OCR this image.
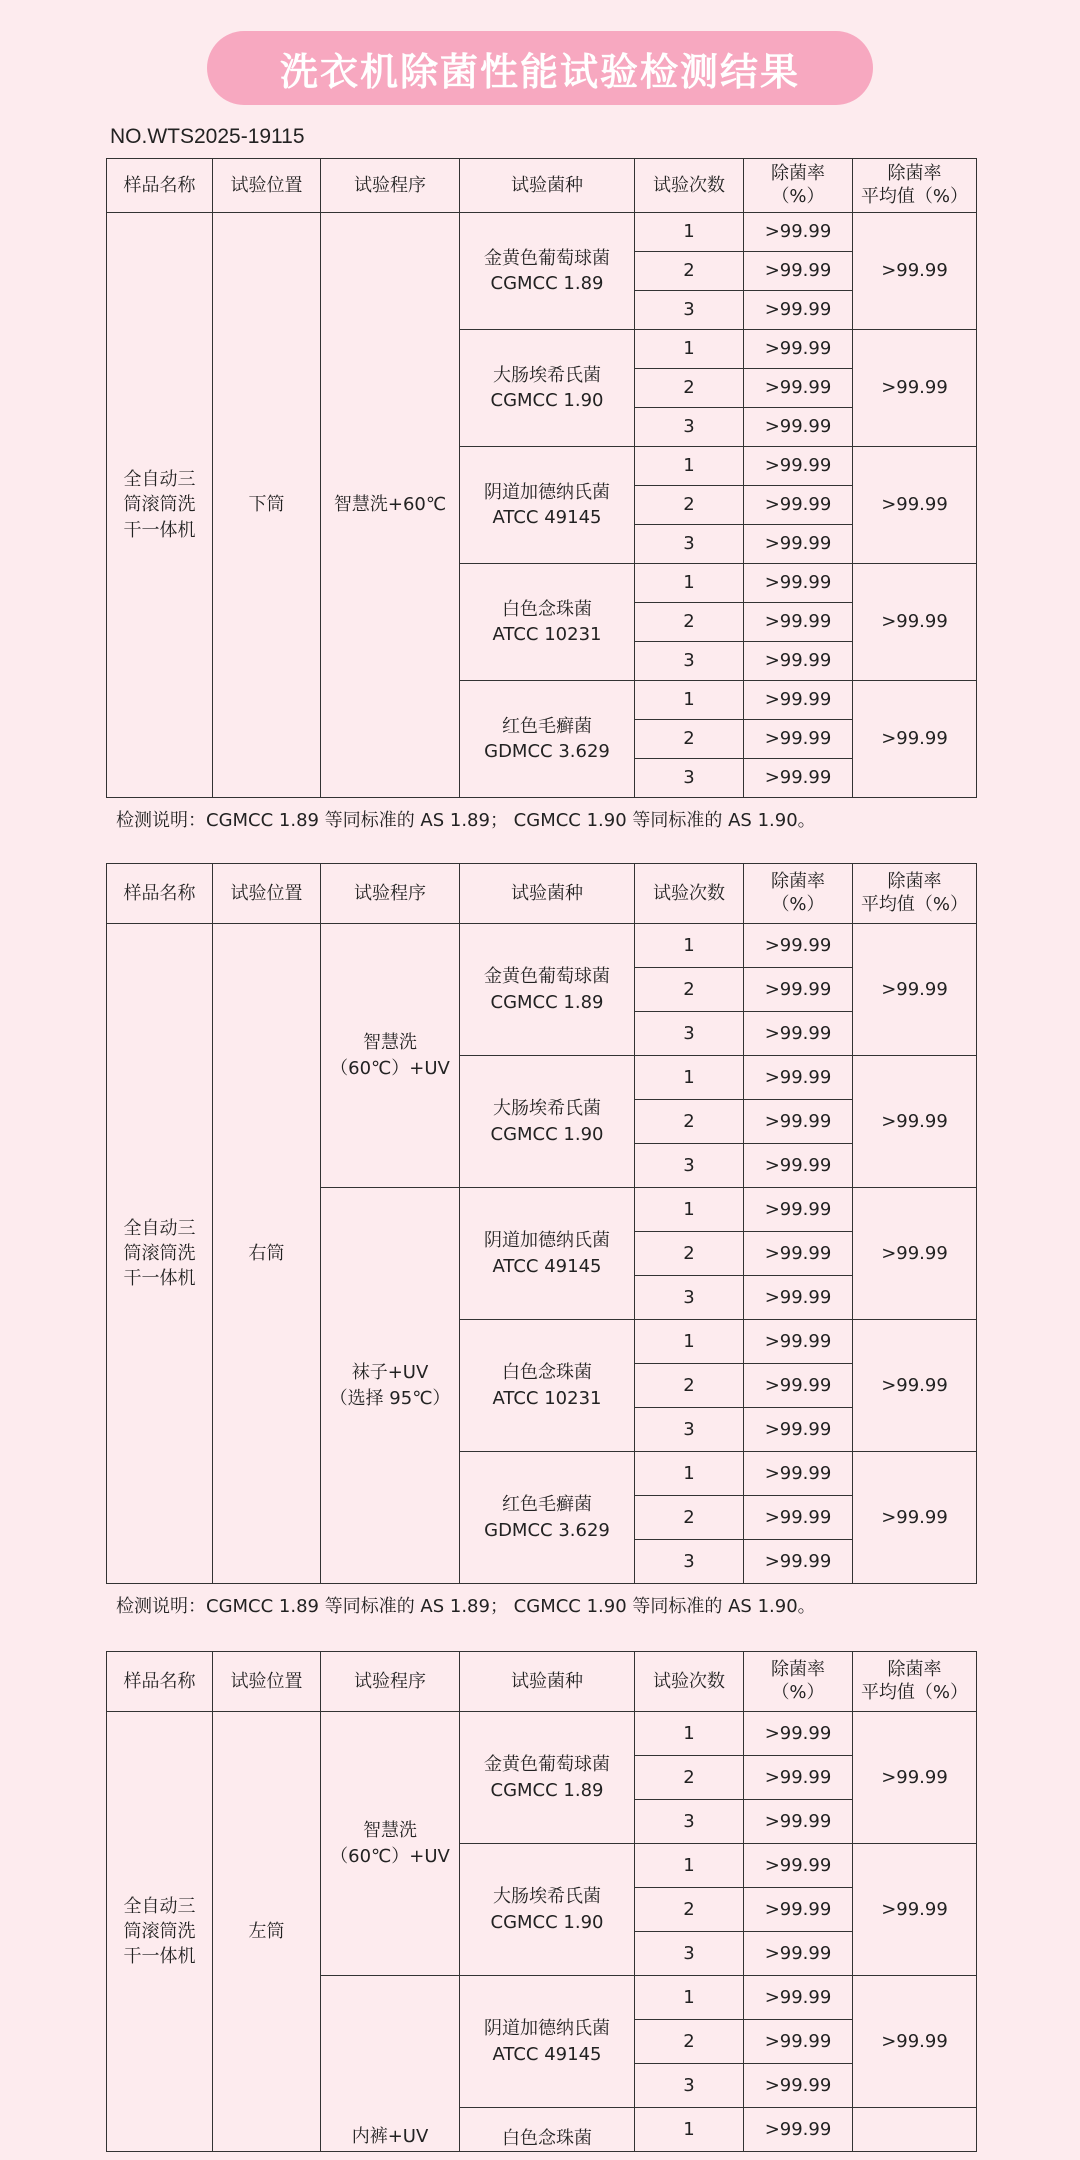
洗衣机除菌性能试验检测结果
NO.WTS2025-19115
样品名称	试验位置	试验程序	试验菌种	试验次数	除菌率
（%）	除菌率
平均值（%）
全自动三
筒滚筒洗
干一体机	下筒	智慧洗+60℃	金黄色葡萄球菌
CGMCC 1.89	1	>99.99	>99.99
				2	>99.99	
				3	>99.99	
			大肠埃希氏菌
CGMCC 1.90	1	>99.99	>99.99
				2	>99.99	
				3	>99.99	
			阴道加德纳氏菌
ATCC 49145	1	>99.99	>99.99
				2	>99.99	
				3	>99.99	
			白色念珠菌
ATCC 10231	1	>99.99	>99.99
				2	>99.99	
				3	>99.99	
			红色毛癣菌
GDMCC 3.629	1	>99.99	>99.99
				2	>99.99	
				3	>99.99	
检测说明：CGMCC 1.89 等同标准的 AS 1.89； CGMCC 1.90 等同标准的 AS 1.90。
样品名称	试验位置	试验程序	试验菌种	试验次数	除菌率
（%）	除菌率
平均值（%）
全自动三
筒滚筒洗
干一体机	右筒	智慧洗
（60℃）+UV	金黄色葡萄球菌
CGMCC 1.89	1	>99.99	>99.99
				2	>99.99	
				3	>99.99	
			大肠埃希氏菌
CGMCC 1.90	1	>99.99	>99.99
				2	>99.99	
				3	>99.99	
		袜子+UV
（选择 95℃）	阴道加德纳氏菌
ATCC 49145	1	>99.99	>99.99
				2	>99.99	
				3	>99.99	
			白色念珠菌
ATCC 10231	1	>99.99	>99.99
				2	>99.99	
				3	>99.99	
			红色毛癣菌
GDMCC 3.629	1	>99.99	>99.99
				2	>99.99	
				3	>99.99	
检测说明：CGMCC 1.89 等同标准的 AS 1.89； CGMCC 1.90 等同标准的 AS 1.90。
样品名称	试验位置	试验程序	试验菌种	试验次数	除菌率
（%）	除菌率
平均值（%）
全自动三
筒滚筒洗
干一体机	左筒	智慧洗
（60℃）+UV	金黄色葡萄球菌
CGMCC 1.89	1	>99.99	>99.99
				2	>99.99	
				3	>99.99	
			大肠埃希氏菌
CGMCC 1.90	1	>99.99	>99.99
				2	>99.99	
				3	>99.99	
		内裤+UV	阴道加德纳氏菌
ATCC 49145	1	>99.99	>99.99
				2	>99.99	
				3	>99.99	
			白色念珠菌	1	>99.99	
